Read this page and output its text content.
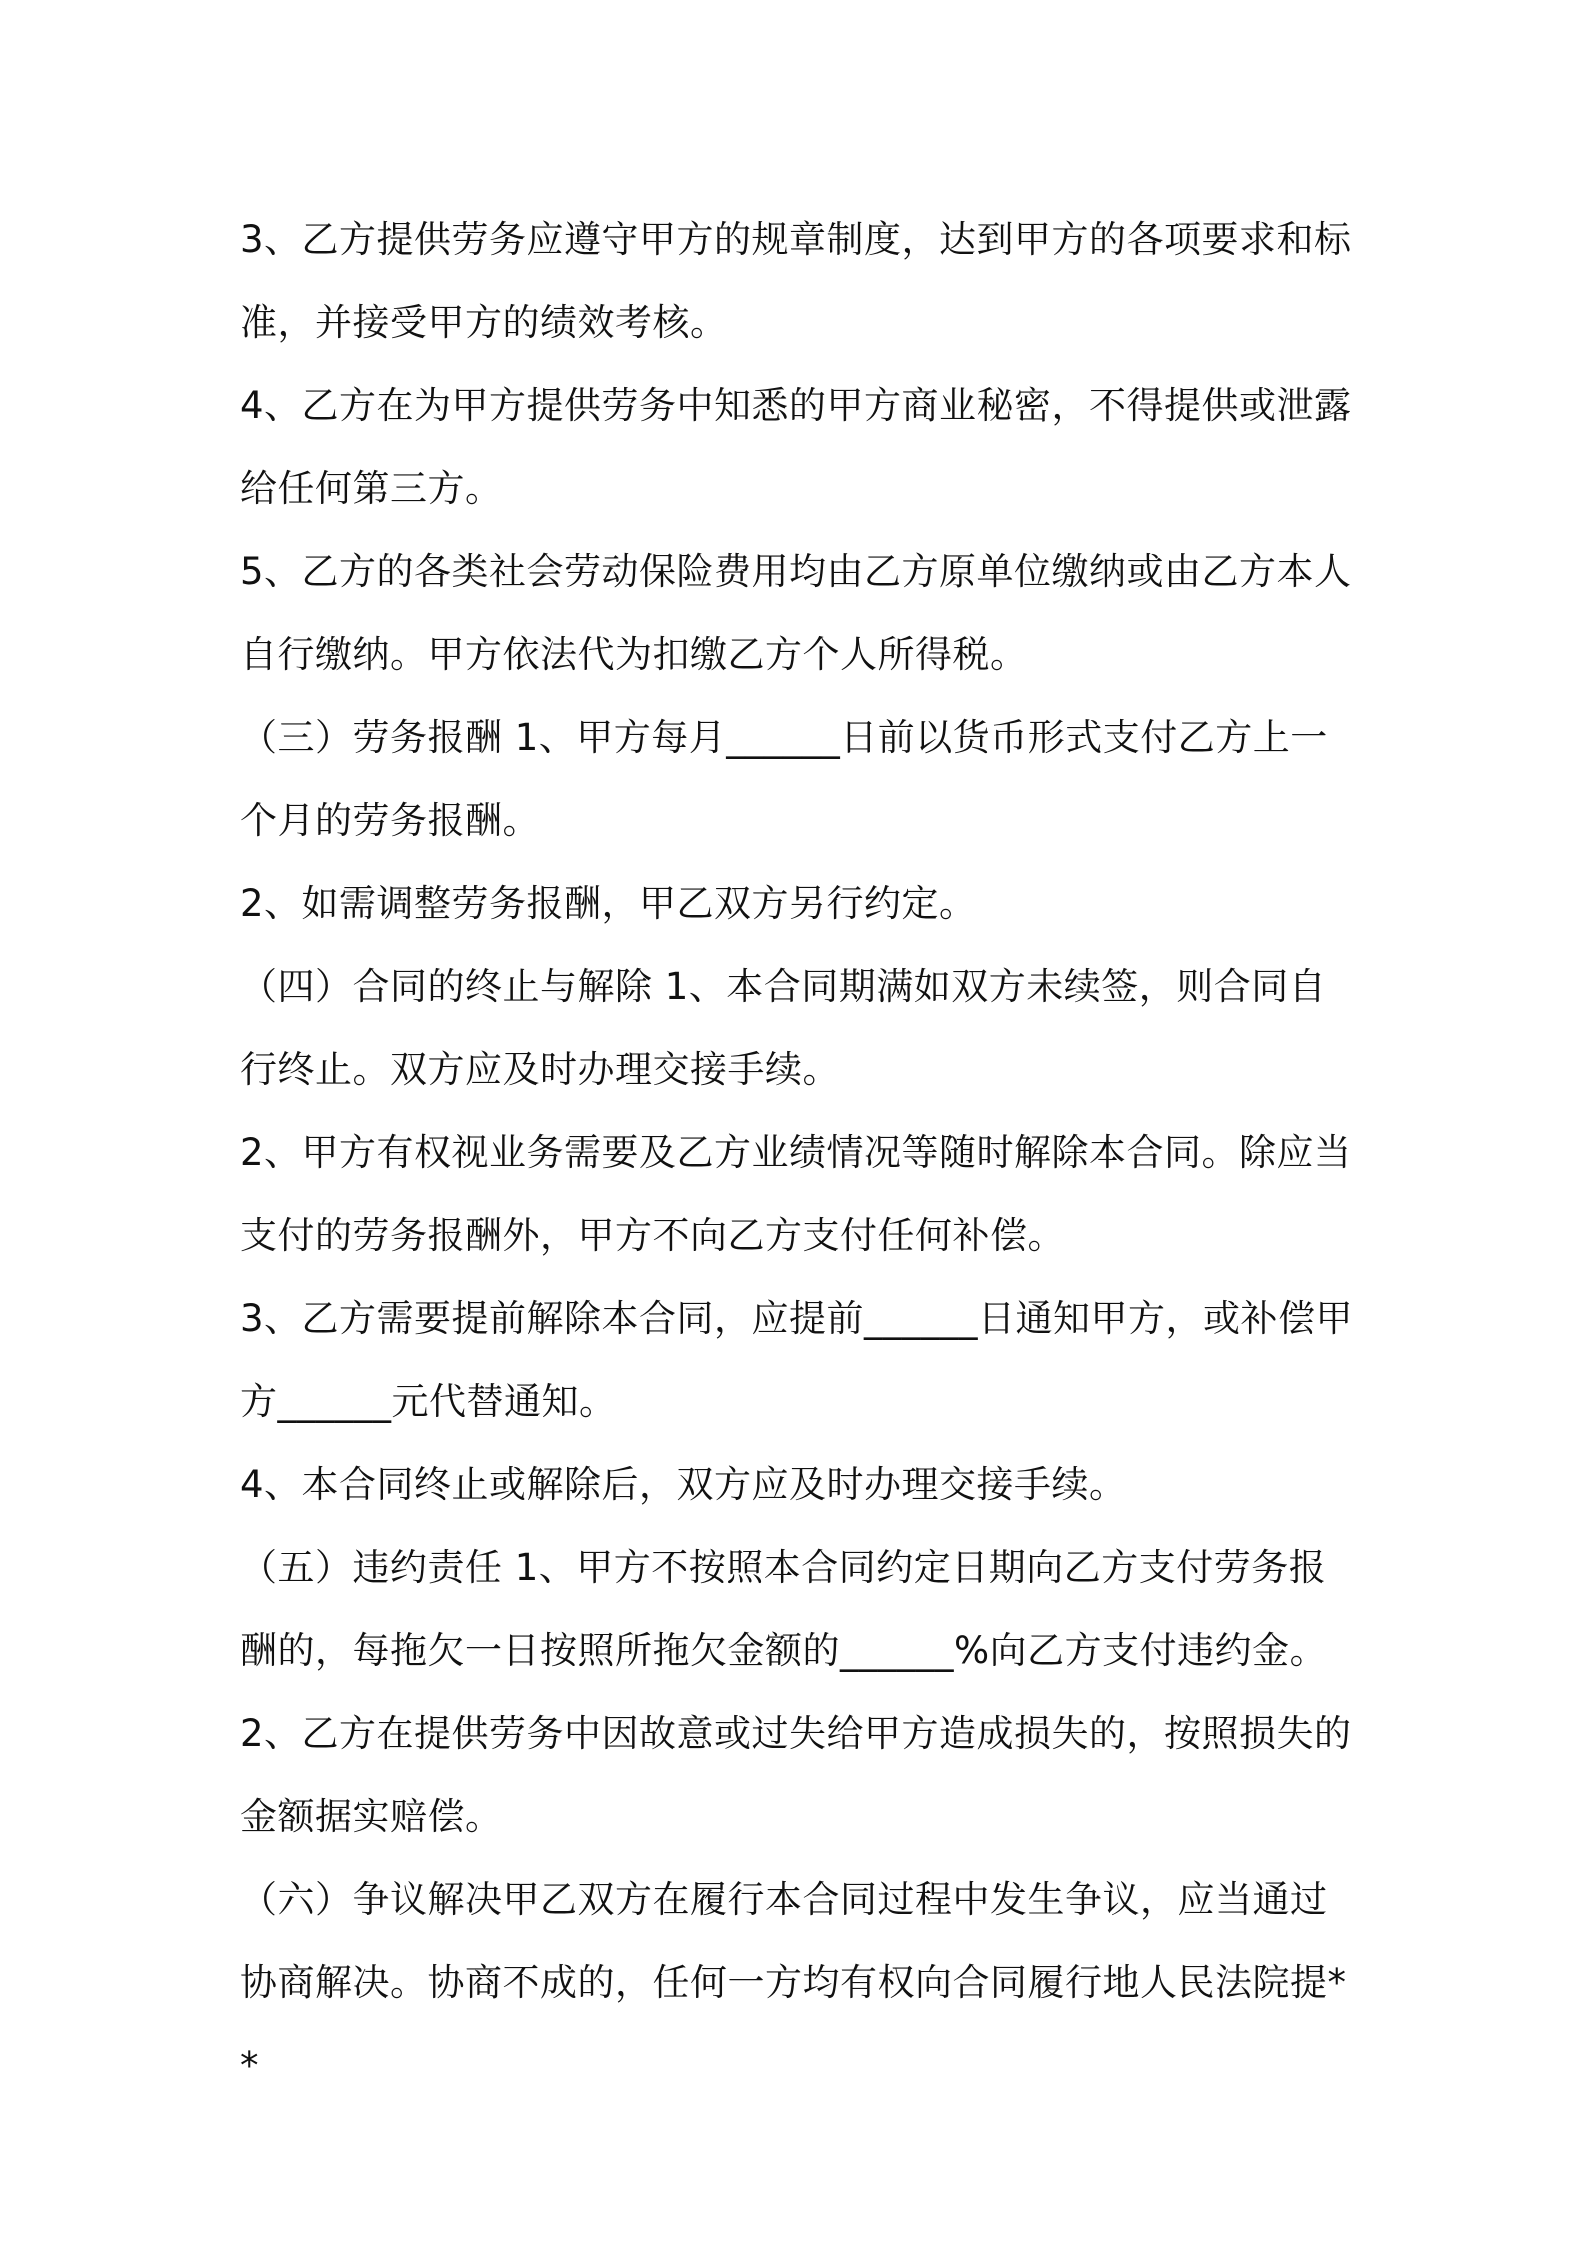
3、乙方提供劳务应遵守甲方的规章制度，达到甲方的各项要求和标准，并接受甲方的绩效考核。

4、乙方在为甲方提供劳务中知悉的甲方商业秘密，不得提供或泄露给任何第三方。

5、乙方的各类社会劳动保险费用均由乙方原单位缴纳或由乙方本人自行缴纳。甲方依法代为扣缴乙方个人所得税。

（三）劳务报酬 1、甲方每月______日前以货币形式支付乙方上一个月的劳务报酬。

2、如需调整劳务报酬，甲乙双方另行约定。

（四）合同的终止与解除 1、本合同期满如双方未续签，则合同自行终止。双方应及时办理交接手续。

2、甲方有权视业务需要及乙方业绩情况等随时解除本合同。除应当支付的劳务报酬外，甲方不向乙方支付任何补偿。

3、乙方需要提前解除本合同，应提前______日通知甲方，或补偿甲方______元代替通知。

4、本合同终止或解除后，双方应及时办理交接手续。

（五）违约责任 1、甲方不按照本合同约定日期向乙方支付劳务报酬的，每拖欠一日按照所拖欠金额的______%向乙方支付违约金。

2、乙方在提供劳务中因故意或过失给甲方造成损失的，按照损失的金额据实赔偿。

（六）争议解决甲乙双方在履行本合同过程中发生争议，应当通过协商解决。协商不成的，任何一方均有权向合同履行地人民法院提**
